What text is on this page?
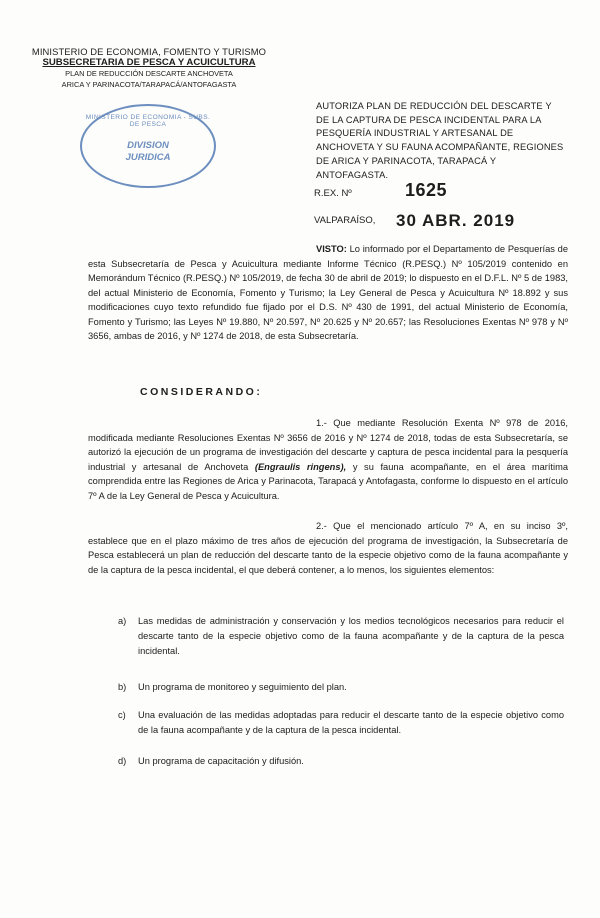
MINISTERIO DE ECONOMIA, FOMENTO Y TURISMO
SUBSECRETARIA DE PESCA Y ACUICULTURA
PLAN DE REDUCCIÓN DESCARTE ANCHOVETA
ARICA Y PARINACOTA/TARAPACÁ/ANTOFAGASTA
MINISTERIO DE ECONOMIA - SUBS. DE PESCA
DIVISION
JURIDICA
AUTORIZA PLAN DE REDUCCIÓN DEL DESCARTE Y DE LA CAPTURA DE PESCA INCIDENTAL PARA LA PESQUERÍA INDUSTRIAL Y ARTESANAL DE ANCHOVETA Y SU FAUNA ACOMPAÑANTE, REGIONES DE ARICA Y PARINACOTA, TARAPACÁ Y ANTOFAGASTA.
R.EX. Nº	1625
VALPARAÍSO, 30 ABR. 2019
VISTO: Lo informado por el Departamento de Pesquerías de esta Subsecretaría de Pesca y Acuicultura mediante Informe Técnico (R.PESQ.) Nº 105/2019 contenido en Memorándum Técnico (R.PESQ.) Nº 105/2019, de fecha 30 de abril de 2019; lo dispuesto en el D.F.L. Nº 5 de 1983, del actual Ministerio de Economía, Fomento y Turismo; la Ley General de Pesca y Acuicultura Nº 18.892 y sus modificaciones cuyo texto refundido fue fijado por el D.S. Nº 430 de 1991, del actual Ministerio de Economía, Fomento y Turismo; las Leyes Nº 19.880, Nº 20.597, Nº 20.625 y Nº 20.657; las Resoluciones Exentas Nº 978 y Nº 3656, ambas de 2016, y Nº 1274 de 2018, de esta Subsecretaría.
CONSIDERANDO:
1.- Que mediante Resolución Exenta Nº 978 de 2016, modificada mediante Resoluciones Exentas Nº 3656 de 2016 y Nº 1274 de 2018, todas de esta Subsecretaría, se autorizó la ejecución de un programa de investigación del descarte y captura de pesca incidental para la pesquería industrial y artesanal de Anchoveta (Engraulis ringens), y su fauna acompañante, en el área marítima comprendida entre las Regiones de Arica y Parinacota, Tarapacá y Antofagasta, conforme lo dispuesto en el artículo 7º A de la Ley General de Pesca y Acuicultura.
2.- Que el mencionado artículo 7º A, en su inciso 3º, establece que en el plazo máximo de tres años de ejecución del programa de investigación, la Subsecretaría de Pesca establecerá un plan de reducción del descarte tanto de la especie objetivo como de la fauna acompañante y de la captura de la pesca incidental, el que deberá contener, a lo menos, los siguientes elementos:
a) Las medidas de administración y conservación y los medios tecnológicos necesarios para reducir el descarte tanto de la especie objetivo como de la fauna acompañante y de la captura de la pesca incidental.
b) Un programa de monitoreo y seguimiento del plan.
c) Una evaluación de las medidas adoptadas para reducir el descarte tanto de la especie objetivo como de la fauna acompañante y de la captura de la pesca incidental.
d) Un programa de capacitación y difusión.
